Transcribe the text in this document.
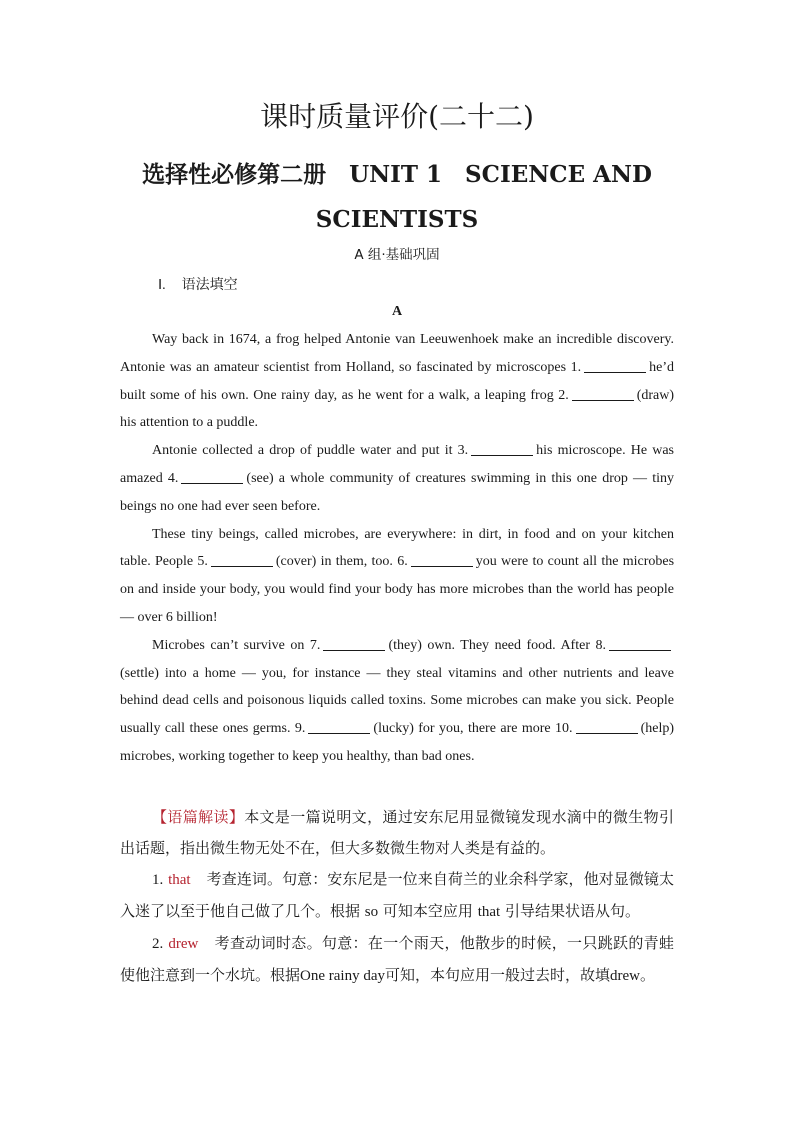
课时质量评价(二十二)
选择性必修第二册　UNIT 1　SCIENCE AND SCIENTISTS
A 组·基础巩固
Ⅰ. 语法填空
A

Way back in 1674, a frog helped Antonie van Leeuwenhoek make an incredible discovery. Antonie was an amateur scientist from Holland, so fascinated by microscopes 1.	he’d built some of his own. One rainy day, as he went for a walk, a leaping frog 2.	(draw) his attention to a puddle.

Antonie collected a drop of puddle water and put it 3.	his microscope. He was amazed 4.	(see) a whole community of creatures swimming in this one drop — tiny beings no one had ever seen before.

These tiny beings, called microbes, are everywhere: in dirt, in food and on your kitchen table. People 5.	(cover) in them, too. 6.	you were to count all the microbes on and inside your body, you would find your body has more microbes than the world has people — over 6 billion!

Microbes can’t survive on 7.	(they) own. They need food. After 8.(settle) into a home — you, for instance — they steal vitamins and other nutrients and leave behind dead cells and poisonous liquids called toxins. Some microbes can make you sick. People usually call these ones germs. 9.	(lucky) for you, there are more 10.	(help) microbes, working together to keep you healthy, than bad ones.

【语篇解读】本文是一篇说明文，通过安东尼用显微镜发现水滴中的微生物引出话题，指出微生物无处不在，但大多数微生物对人类是有益的。

1. that 考查连词。句意：安东尼是一位来自荷兰的业余科学家，他对显微镜太入迷了以至于他自己做了几个。根据 so 可知本空应用 that 引导结果状语从句。

2. drew 考查动词时态。句意：在一个雨天，他散步的时候，一只跳跃的青蛙使他注意到一个水坑。根据One rainy day可知，本句应用一般过去时，故填drew。
